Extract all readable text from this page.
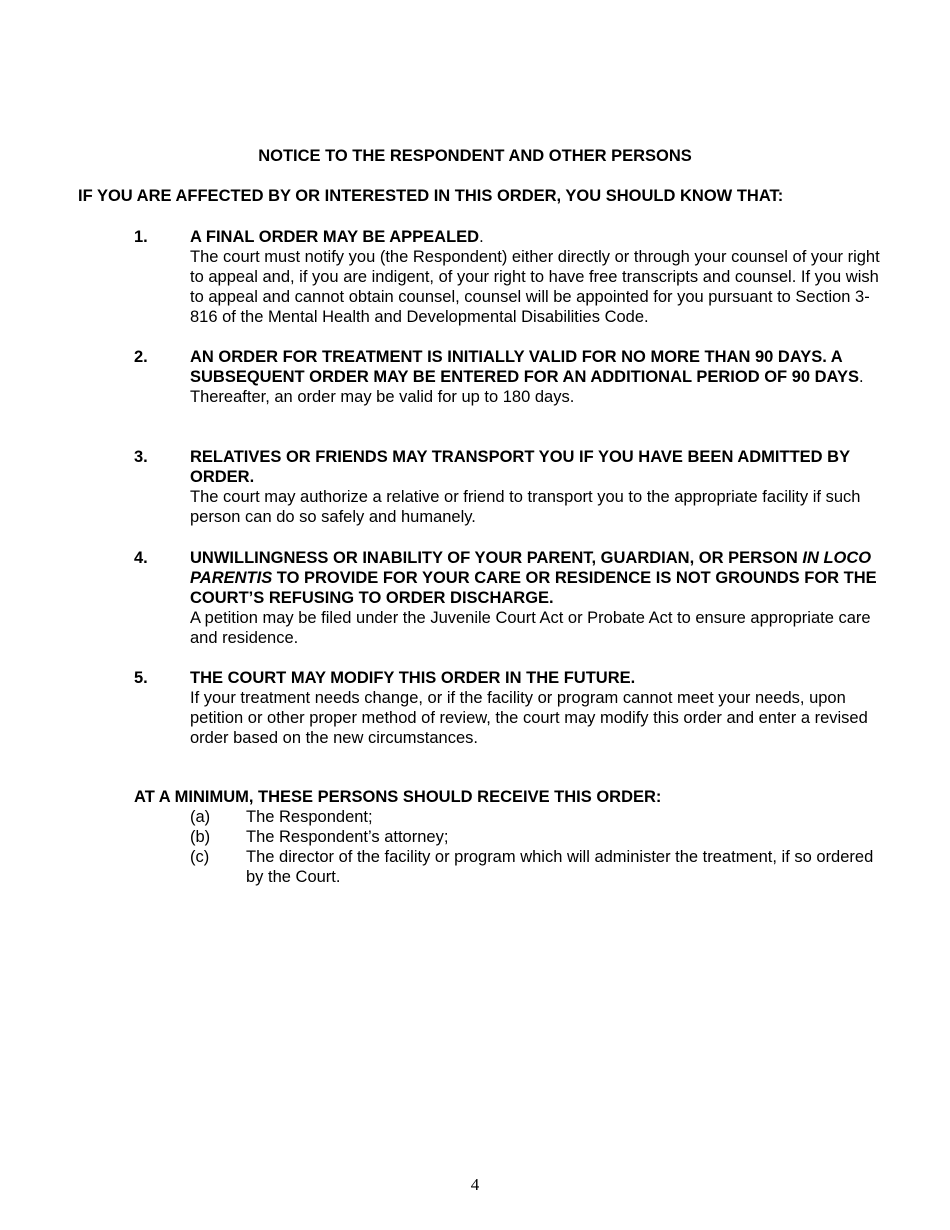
NOTICE TO THE RESPONDENT AND OTHER PERSONS
IF YOU ARE AFFECTED BY OR INTERESTED IN THIS ORDER, YOU SHOULD KNOW THAT:
1.	A FINAL ORDER MAY BE APPEALED.
The court must notify you (the Respondent) either directly or through your counsel of your right to appeal and, if you are indigent, of your right to have free transcripts and counsel. If you wish to appeal and cannot obtain counsel, counsel will be appointed for you pursuant to Section 3-816 of the Mental Health and Developmental Disabilities Code.
2.	AN ORDER FOR TREATMENT IS INITIALLY VALID FOR NO MORE THAN 90 DAYS. A SUBSEQUENT ORDER MAY BE ENTERED FOR AN ADDITIONAL PERIOD OF 90 DAYS.
Thereafter, an order may be valid for up to 180 days.
3.	RELATIVES OR FRIENDS MAY TRANSPORT YOU IF YOU HAVE BEEN ADMITTED BY ORDER.
The court may authorize a relative or friend to transport you to the appropriate facility if such person can do so safely and humanely.
4.	UNWILLINGNESS OR INABILITY OF YOUR PARENT, GUARDIAN, OR PERSON IN LOCO PARENTIS TO PROVIDE FOR YOUR CARE OR RESIDENCE IS NOT GROUNDS FOR THE COURT’S REFUSING TO ORDER DISCHARGE.
A petition may be filed under the Juvenile Court Act or Probate Act to ensure appropriate care and residence.
5.	THE COURT MAY MODIFY THIS ORDER IN THE FUTURE.
If your treatment needs change, or if the facility or program cannot meet your needs, upon petition or other proper method of review, the court may modify this order and enter a revised order based on the new circumstances.
AT A MINIMUM, THESE PERSONS SHOULD RECEIVE THIS ORDER:
(a) The Respondent;
(b) The Respondent’s attorney;
(c) The director of the facility or program which will administer the treatment, if so ordered by the Court.
4
